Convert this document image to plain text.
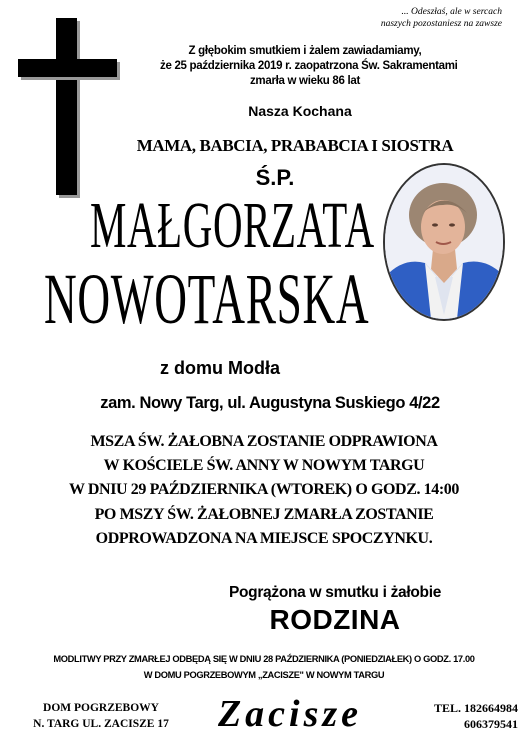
... Odeszłaś, ale w sercach
naszych pozostaniesz na zawsze
Z głębokim smutkiem i żalem zawiadamiamy,
że 25 października 2019 r. zaopatrzona Św. Sakramentami
zmarła w wieku 86 lat
Nasza Kochana
MAMA, BABCIA, PRABABCIA I SIOSTRA
Ś.P.
MAŁGORZATA
NOWOTARSKA
z domu Modła
zam. Nowy Targ, ul. Augustyna Suskiego 4/22
MSZA ŚW. ŻAŁOBNA ZOSTANIE ODPRAWIONA
W KOŚCIELE ŚW. ANNY W NOWYM TARGU
W DNIU 29 PAŹDZIERNIKA (WTOREK) O GODZ. 14:00
PO MSZY ŚW. ŻAŁOBNEJ ZMARŁA ZOSTANIE
ODPROWADZONA NA MIEJSCE SPOCZYNKU.
Pogrążona w smutku i żałobie
RODZINA
MODLITWY PRZY ZMARŁEJ ODBĘDĄ SIĘ W DNIU 28 PAŹDZIERNIKA (PONIEDZIAŁEK) O GODZ. 17.00
W DOMU POGRZEBOWYM „ZACISZE" W NOWYM TARGU
DOM POGRZEBOWY
N. TARG UL. ZACISZE 17	Zacisze	TEL. 182664984
606379541
